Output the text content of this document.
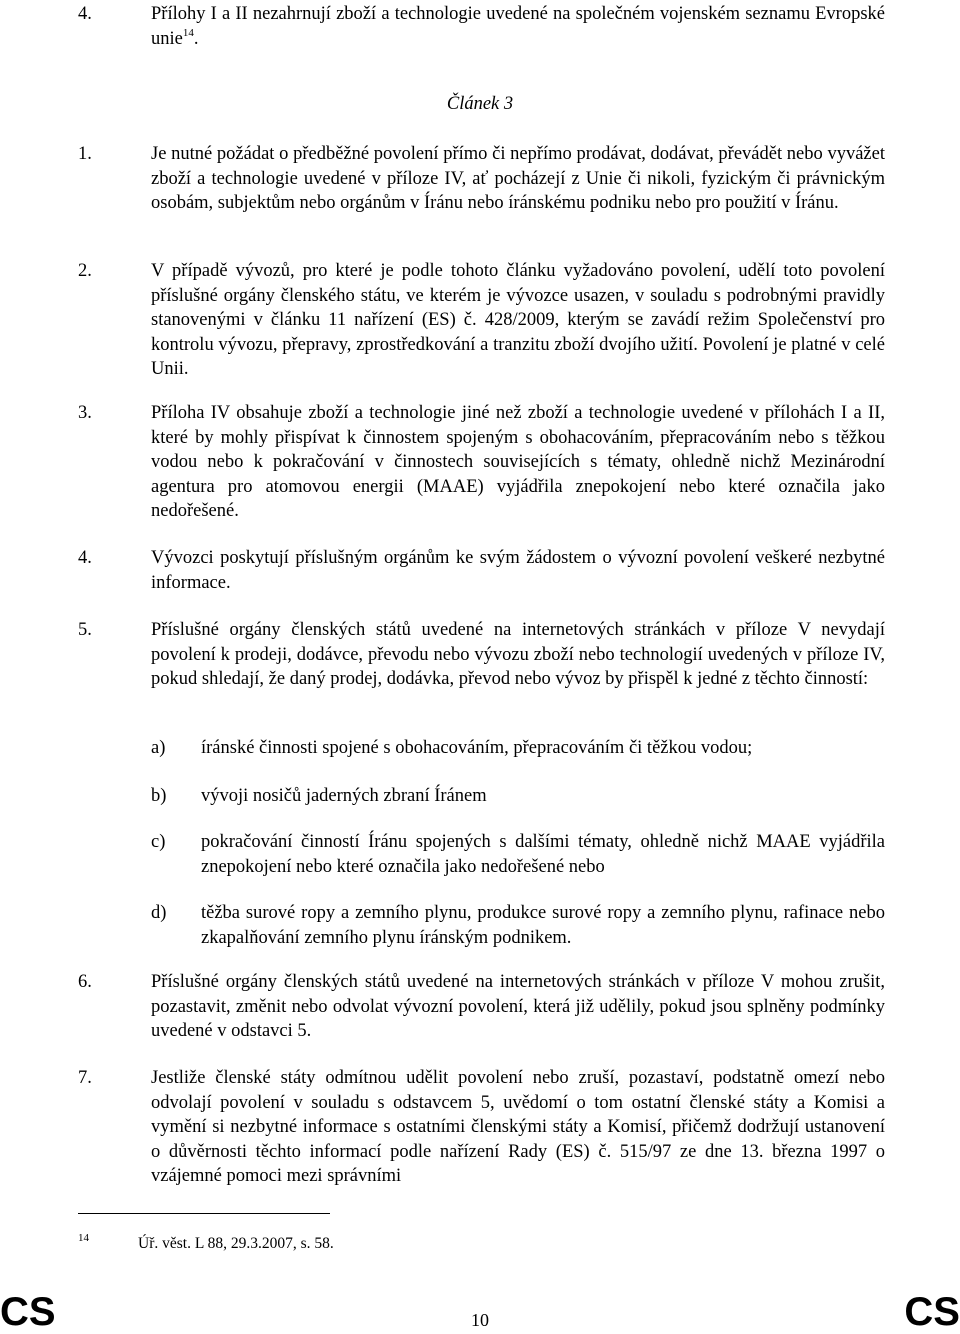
4.	Přílohy I a II nezahrnují zboží a technologie uvedené na společném vojenském seznamu Evropské unie$^{14}$.
Článek 3
1.	Je nutné požádat o předběžné povolení přímo či nepřímo prodávat, dodávat, převádět nebo vyvážet zboží a technologie uvedené v příloze IV, ať pocházejí z Unie či nikoli, fyzickým či právnickým osobám, subjektům nebo orgánům v Íránu nebo íránskému podniku nebo pro použití v Íránu.
2.	V případě vývozů, pro které je podle tohoto článku vyžadováno povolení, udělí toto povolení příslušné orgány členského státu, ve kterém je vývozce usazen, v souladu s podrobnými pravidly stanovenými v článku 11 nařízení (ES) č. 428/2009, kterým se zavádí režim Společenství pro kontrolu vývozu, přepravy, zprostředkování a tranzitu zboží dvojího užití. Povolení je platné v celé Unii.
3.	Příloha IV obsahuje zboží a technologie jiné než zboží a technologie uvedené v přílohách I a II, které by mohly přispívat k činnostem spojeným s obohacováním, přepracováním nebo s těžkou vodou nebo k pokračování v činnostech souvisejících s tématy, ohledně nichž Mezinárodní agentura pro atomovou energii (MAAE) vyjádřila znepokojení nebo které označila jako nedořešené.
4.	Vývozci poskytují příslušným orgánům ke svým žádostem o vývozní povolení veškeré nezbytné informace.
5.	Příslušné orgány členských států uvedené na internetových stránkách v příloze V nevydají povolení k prodeji, dodávce, převodu nebo vývozu zboží nebo technologií uvedených v příloze IV, pokud shledají, že daný prodej, dodávka, převod nebo vývoz by přispěl k jedné z těchto činností:
a) íránské činnosti spojené s obohacováním, přepracováním či těžkou vodou;
b) vývoji nosičů jaderných zbraní Íránem
c) pokračování činností Íránu spojených s dalšími tématy, ohledně nichž MAAE vyjádřila znepokojení nebo které označila jako nedořešené nebo
d) těžba surové ropy a zemního plynu, produkce surové ropy a zemního plynu, rafinace nebo zkapalňování zemního plynu íránským podnikem.
6.	Příslušné orgány členských států uvedené na internetových stránkách v příloze V mohou zrušit, pozastavit, změnit nebo odvolat vývozní povolení, která již udělily, pokud jsou splněny podmínky uvedené v odstavci 5.
7.	Jestliže členské státy odmítnou udělit povolení nebo zruší, pozastaví, podstatně omezí nebo odvolají povolení v souladu s odstavcem 5, uvědomí o tom ostatní členské státy a Komisi a vymění si nezbytné informace s ostatními členskými státy a Komisí, přičemž dodržují ustanovení o důvěrnosti těchto informací podle nařízení Rady (ES) č. 515/97 ze dne 13. března 1997 o vzájemné pomoci mezi správními
14	Úř. věst. L 88, 29.3.2007, s. 58.
CS	10	CS
